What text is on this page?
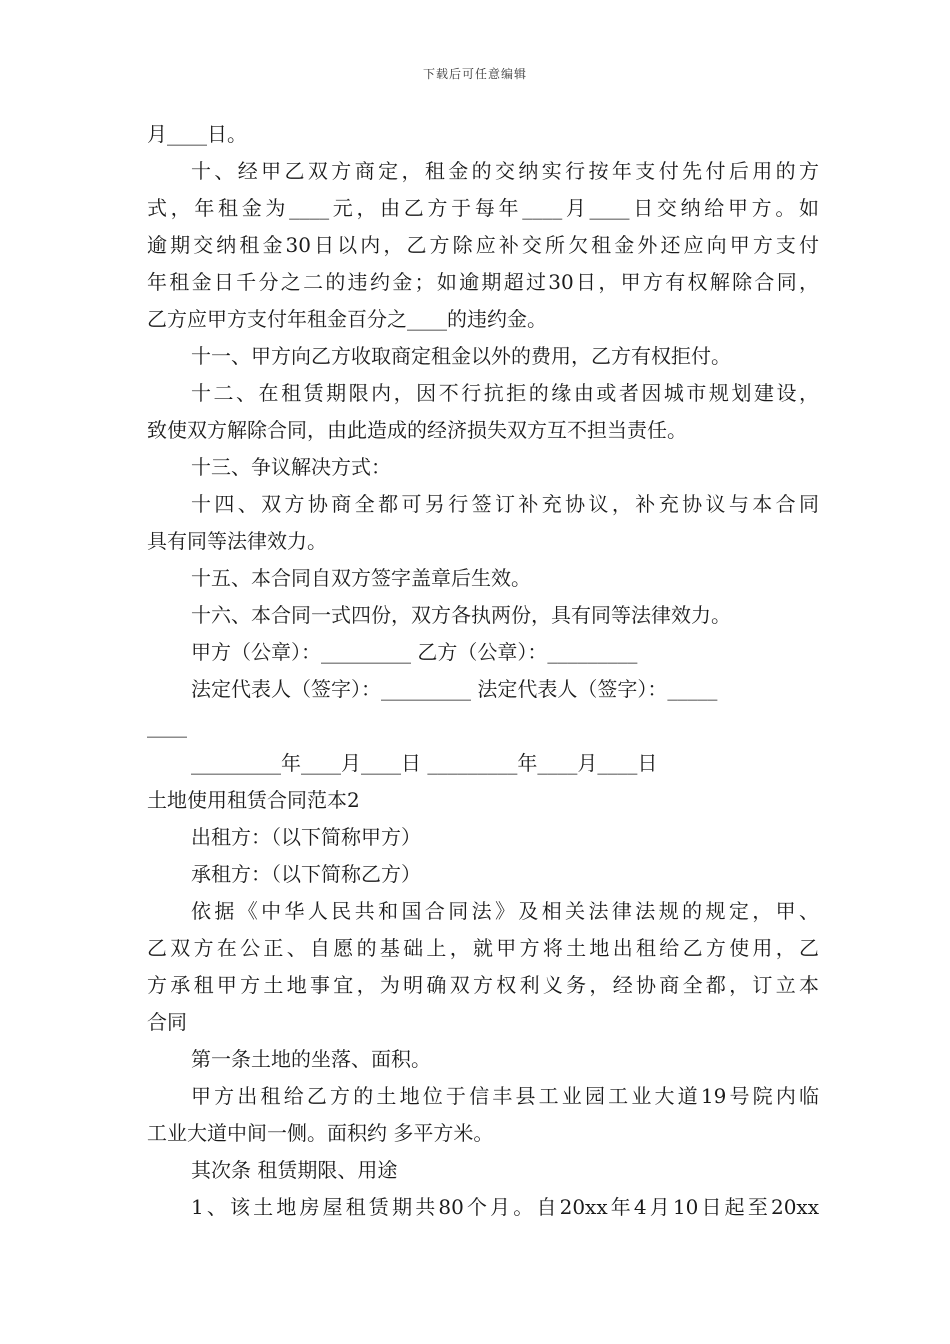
下载后可任意编辑
月____日。
十、经甲乙双方商定，租金的交纳实行按年支付先付后用的方
式，年租金为____元，由乙方于每年____月____日交纳给甲方。如
逾期交纳租金30日以内，乙方除应补交所欠租金外还应向甲方支付
年租金日千分之二的违约金；如逾期超过30日，甲方有权解除合同，
乙方应甲方支付年租金百分之____的违约金。
十一、甲方向乙方收取商定租金以外的费用，乙方有权拒付。
十二、在租赁期限内，因不行抗拒的缘由或者因城市规划建设，
致使双方解除合同，由此造成的经济损失双方互不担当责任。
十三、争议解决方式：
十四、双方协商全都可另行签订补充协议，补充协议与本合同
具有同等法律效力。
十五、本合同自双方签字盖章后生效。
十六、本合同一式四份，双方各执两份，具有同等法律效力。
甲方（公章）：_________ 乙方（公章）：_________
法定代表人（签字）：_________ 法定代表人（签字）：_____
____
_________年____月____日 _________年____月____日
土地使用租赁合同范本2
出租方：（以下简称甲方）
承租方：（以下简称乙方）
依据《中华人民共和国合同法》及相关法律法规的规定，甲、
乙双方在公正、自愿的基础上，就甲方将土地出租给乙方使用，乙
方承租甲方土地事宜，为明确双方权利义务，经协商全都，订立本
合同
第一条土地的坐落、面积。
甲方出租给乙方的土地位于信丰县工业园工业大道19号院内临
工业大道中间一侧。面积约 多平方米。
其次条 租赁期限、用途
1、该土地房屋租赁期共80个月。自20xx年4月10日起至20xx
